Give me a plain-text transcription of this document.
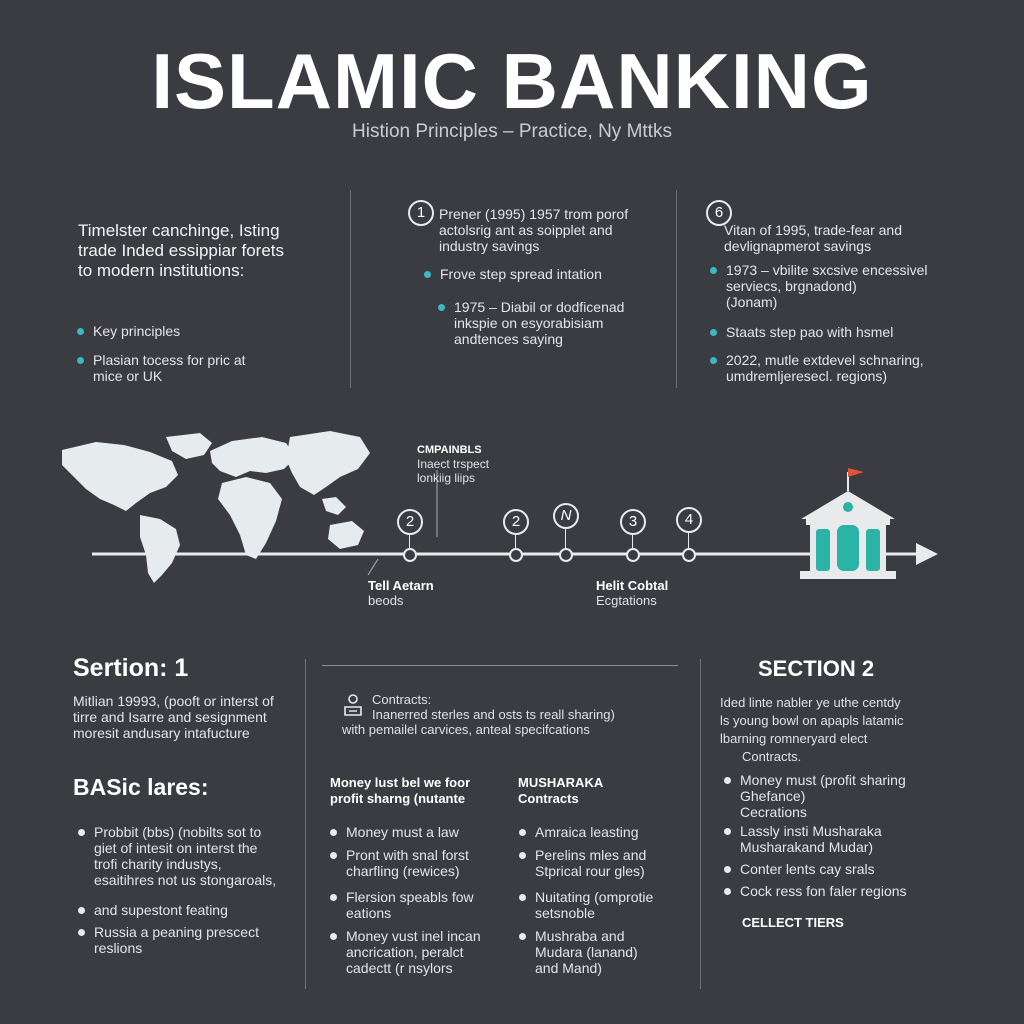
ISLAMIC BANKING
Histion Principles – Practice, Ny Mttks
Timelster canchinge, Isting
trade Inded essippiar forets
to modern institutions:
Key principles
Plasian tocess for pric at
mice or UK
1 Prener (1995) 1957 trom porof
actolsrig ant as soipplet and
industry savings
Frove step spread intation
1975 – Diabil or dodficenad
inkspie on esyorabisiam
andtences saying
6
Vitan of 1995, trade-fear and
devlignapmerot savings
1973 – vbilite sxcsive encessivel
serviecs, brgnadond)
(Jonam)
Staats step pao with hsmel
2022, mutle extdevel schnaring,
umdremljeresecl. regions)
CMPAINBLS
Inaect trspect
lonkiig liips
2	2	N	3	4
Tell Aetarn
beods
Helit Cobtal
Ecgtations
Sertion: 1
Mitlian 19993, (pooft or interst of
tirre and Isarre and sesignment
moresit andusary intafucture
BASic lares:
Probbit (bbs) (nobilts sot to
giet of intesit on interst the
trofi charity industys,
esaitihres not us stongaroals,
and supestont feating
Russia a peaning prescect
reslions
Contracts:
Inanerred sterles and osts ts reall sharing)
with pemailel carvices, anteal specifcations
Money lust bel we foor
profit sharng (nutante
Money must a law
Pront with snal forst
charfling (rewices)
Flersion speabls fow
eations
Money vust inel incan
ancrication, peralct
cadectt (r nsylors
MUSHARAKA
Contracts
Amraica leasting
Perelins mles and
Stprical rour gles)
Nuitating (omprotie
setsnoble
Mushraba and
Mudara (lanand)
and Mand)
SECTION 2
Ided linte nabler ye uthe centdy
ls young bowl on apapls latamic
lbarning romneryard elect
Contracts.
Money must (profit sharing
Ghefance)
Cecrations
Lassly insti Musharaka
Musharakand Mudar)
Conter lents cay srals
Cock ress fon faler regions
CELLECT TIERS
